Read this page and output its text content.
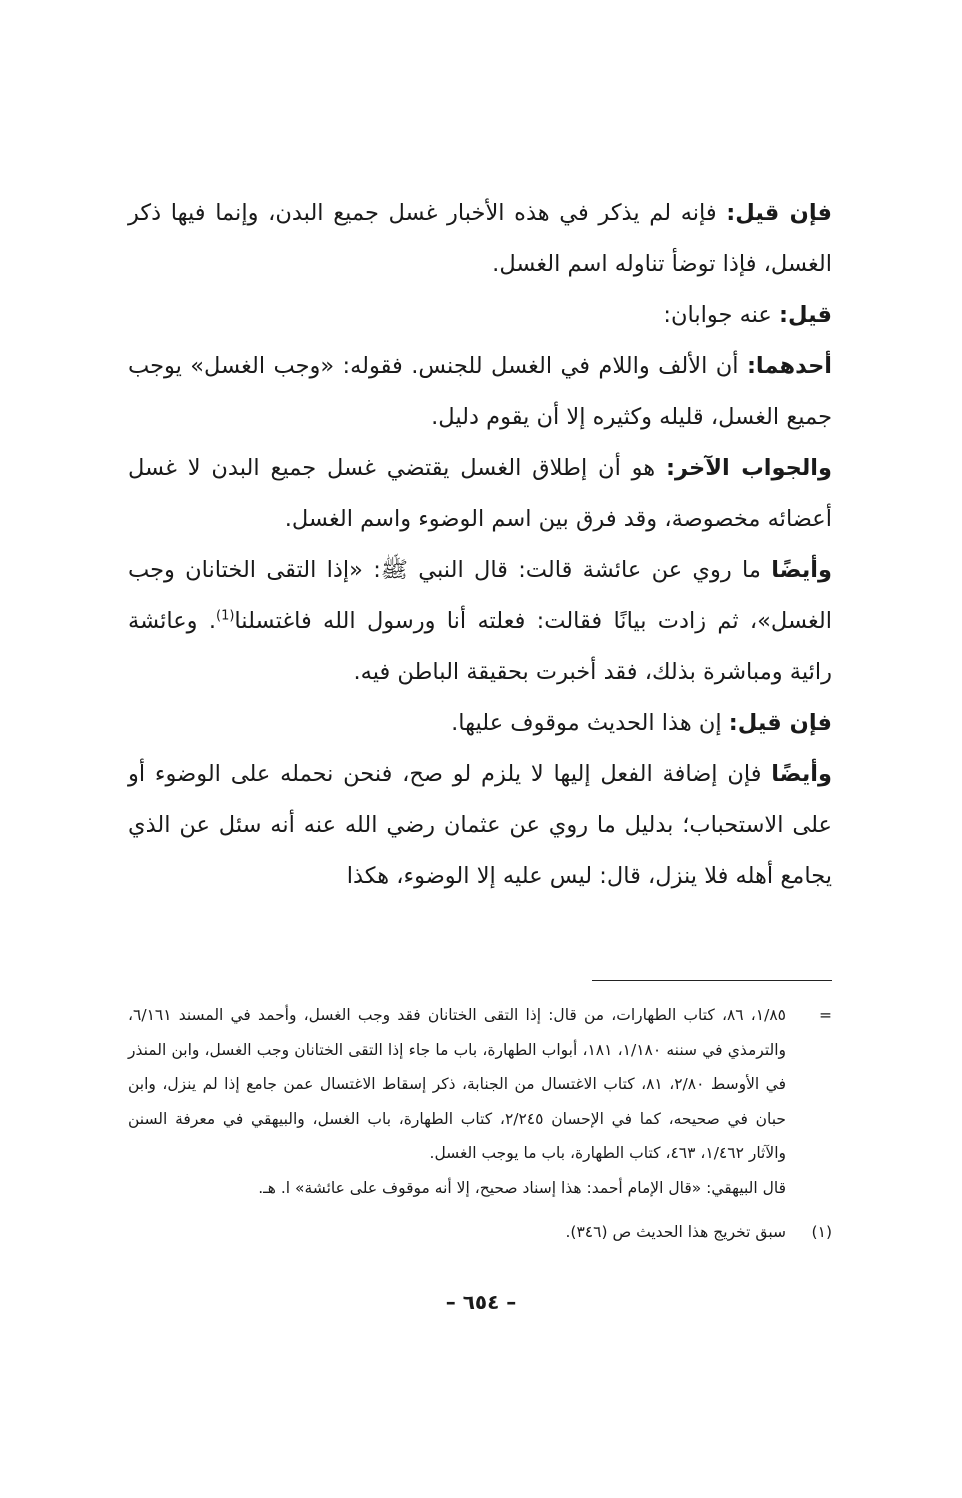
فإن قيل: فإنه لم يذكر في هذه الأخبار غسل جميع البدن، وإنما فيها ذكر الغسل، فإذا توضأ تناوله اسم الغسل.

قيل: عنه جوابان:

أحدهما: أن الألف واللام في الغسل للجنس. فقوله: «وجب الغسل» يوجب جميع الغسل، قليله وكثيره إلا أن يقوم دليل.

والجواب الآخر: هو أن إطلاق الغسل يقتضي غسل جميع البدن لا غسل أعضائه مخصوصة، وقد فرق بين اسم الوضوء واسم الغسل.

وأيضًا ما روي عن عائشة قالت: قال النبي ﷺ: «إذا التقى الختانان وجب الغسل»، ثم زادت بيانًا فقالت: فعلته أنا ورسول الله فاغتسلنا$^{(1)}$. وعائشة رائية ومباشرة بذلك، فقد أخبرت بحقيقة الباطن فيه.

فإن قيل: إن هذا الحديث موقوف عليها.

وأيضًا فإن إضافة الفعل إليها لا يلزم لو صح، فنحن نحمله على الوضوء أو على الاستحباب؛ بدليل ما روي عن عثمان رضي الله عنه أنه سئل عن الذي يجامع أهله فلا ينزل، قال: ليس عليه إلا الوضوء، هكذا

=
١/٨٥، ٨٦، كتاب الطهارات، من قال: إذا التقى الختانان فقد وجب الغسل، وأحمد في المسند ٦/١٦١، والترمذي في سننه ١/١٨٠، ١٨١، أبواب الطهارة، باب ما جاء إذا التقى الختانان وجب الغسل، وابن المنذر في الأوسط ٢/٨٠، ٨١، كتاب الاغتسال من الجنابة، ذكر إسقاط الاغتسال عمن جامع إذا لم ينزل، وابن حبان في صحيحه، كما في الإحسان ٢/٢٤٥، كتاب الطهارة، باب الغسل، والبيهقي في معرفة السنن والآثار ١/٤٦٢، ٤٦٣، كتاب الطهارة، باب ما يوجب الغسل.
قال البيهقي: «قال الإمام أحمد: هذا إسناد صحيح، إلا أنه موقوف على عائشة» ا. هـ.
(١)
سبق تخريج هذا الحديث ص (٣٤٦).
– ٦٥٤ –
